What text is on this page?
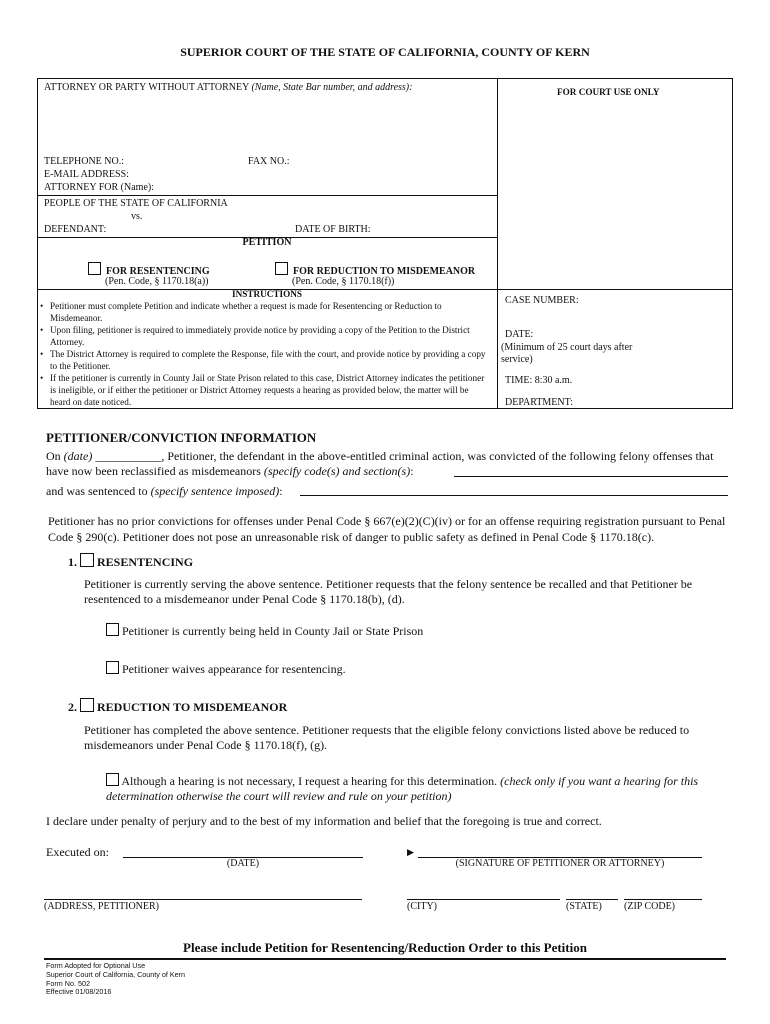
SUPERIOR COURT OF THE STATE OF CALIFORNIA, COUNTY OF KERN
ATTORNEY OR PARTY WITHOUT ATTORNEY (Name, State Bar number, and address):	FOR COURT USE ONLY
TELEPHONE NO.:	FAX NO.:
E-MAIL ADDRESS:
ATTORNEY FOR (Name):
PEOPLE OF THE STATE OF CALIFORNIA
vs.
DEFENDANT:	DATE OF BIRTH:
PETITION
FOR RESENTENCING
(Pen. Code, § 1170.18(a))
FOR REDUCTION TO MISDEMEANOR
(Pen. Code, § 1170.18(f))
INSTRUCTIONS
• Petitioner must complete Petition and indicate whether a request is made for Resentencing or Reduction to Misdemeanor.
• Upon filing, petitioner is required to immediately provide notice by providing a copy of the Petition to the District Attorney.
• The District Attorney is required to complete the Response, file with the court, and provide notice by providing a copy to the Petitioner.
• If the petitioner is currently in County Jail or State Prison related to this case, District Attorney indicates the petitioner is ineligible, or if either the petitioner or District Attorney requests a hearing as provided below, the matter will be heard on date noticed.
CASE NUMBER:
DATE:
(Minimum of 25 court days after service)
TIME: 8:30 a.m.
DEPARTMENT:
PETITIONER/CONVICTION INFORMATION
On (date) ___________, Petitioner, the defendant in the above-entitled criminal action, was convicted of the following felony offenses that have now been reclassified as misdemeanors (specify code(s) and section(s):
and was sentenced to (specify sentence imposed):
Petitioner has no prior convictions for offenses under Penal Code § 667(e)(2)(C)(iv) or for an offense requiring registration pursuant to Penal Code § 290(c). Petitioner does not pose an unreasonable risk of danger to public safety as defined in Penal Code § 1170.18(c).
1. RESENTENCING
Petitioner is currently serving the above sentence. Petitioner requests that the felony sentence be recalled and that Petitioner be resentenced to a misdemeanor under Penal Code § 1170.18(b), (d).
Petitioner is currently being held in County Jail or State Prison
Petitioner waives appearance for resentencing.
2. REDUCTION TO MISDEMEANOR
Petitioner has completed the above sentence. Petitioner requests that the eligible felony convictions listed above be reduced to misdemeanors under Penal Code § 1170.18(f), (g).
Although a hearing is not necessary, I request a hearing for this determination. (check only if you want a hearing for this determination otherwise the court will review and rule on your petition)
I declare under penalty of perjury and to the best of my information and belief that the foregoing is true and correct.
Executed on:
(DATE)
▶
(SIGNATURE OF PETITIONER OR ATTORNEY)
(ADDRESS, PETITIONER)	(CITY)	(STATE) (ZIP CODE)
Please include Petition for Resentencing/Reduction Order to this Petition
Form Adopted for Optional Use
Superior Court of California, County of Kern
Form No. 502
Effective 01/08/2016
